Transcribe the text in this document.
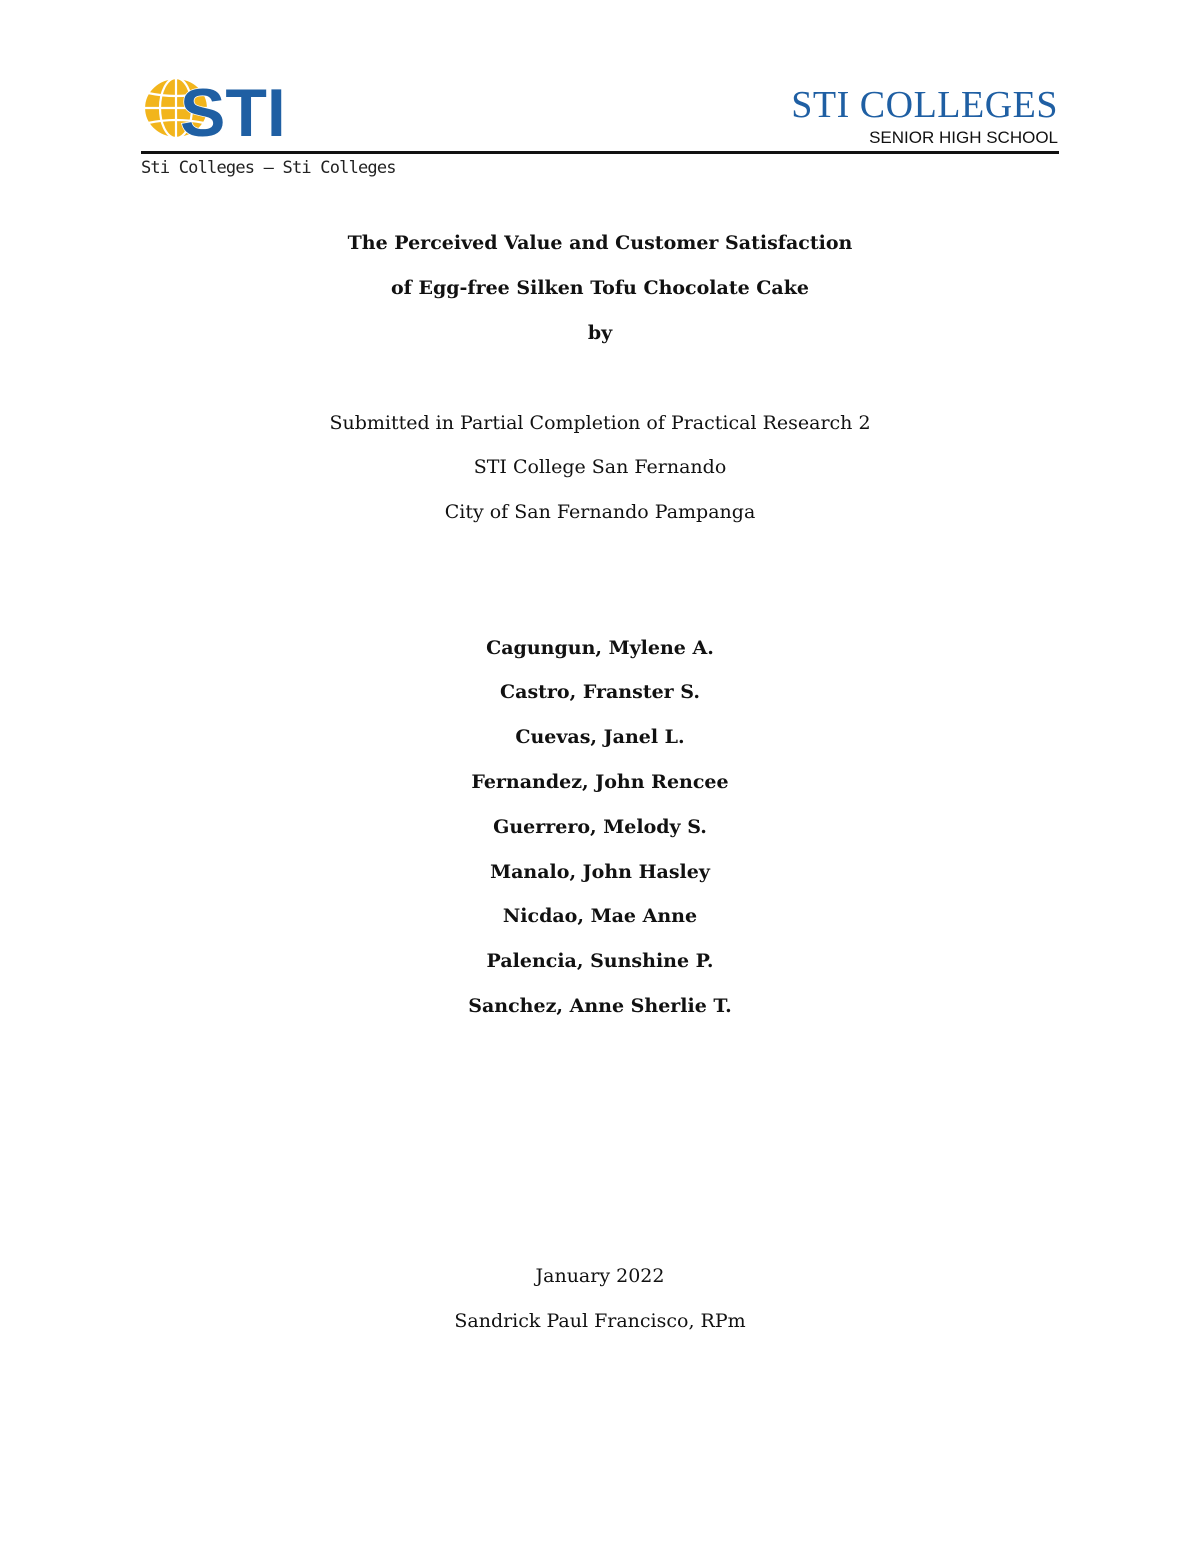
STI	STI COLLEGES
SENIOR HIGH SCHOOL
Sti Colleges – Sti Colleges
The Perceived Value and Customer Satisfaction
of Egg-free Silken Tofu Chocolate Cake
by
Submitted in Partial Completion of Practical Research 2
STI College San Fernando
City of San Fernando Pampanga
Cagungun, Mylene A.
Castro, Franster S.
Cuevas, Janel L.
Fernandez, John Rencee
Guerrero, Melody S.
Manalo, John Hasley
Nicdao, Mae Anne
Palencia, Sunshine P.
Sanchez, Anne Sherlie T.
January 2022
Sandrick Paul Francisco, RPm
